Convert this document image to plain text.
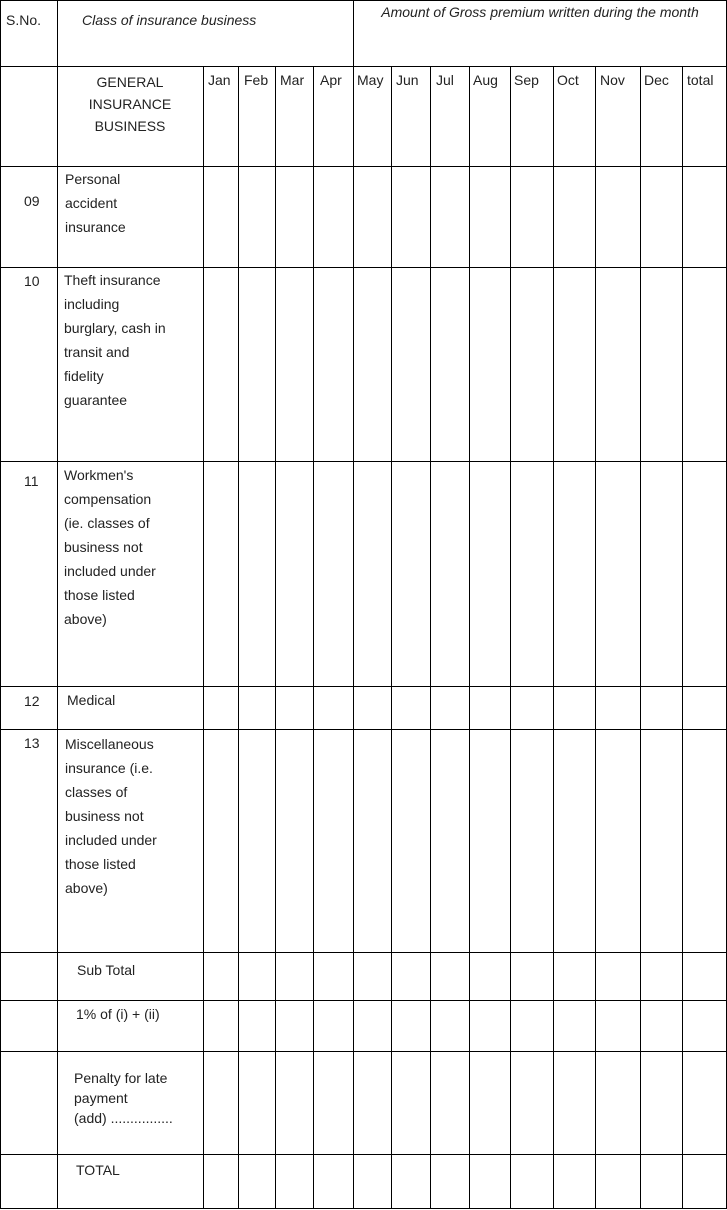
S.No.	Class of insurance business	Amount of Gross premium written during the month
GENERAL
INSURANCE
BUSINESS
Jan Feb Mar Apr May Jun Jul Aug Sep Oct Nov Dec total
09
10
11
12
13
Personal
accident
insurance
Theft insurance
including
burglary, cash in
transit and
fidelity
guarantee
Workmen's
compensation
(ie. classes of
business not
included under
those listed
above)
Medical
Miscellaneous
insurance (i.e.
classes of
business not
included under
those listed
above)
Sub Total
1% of (i) + (ii)
Penalty for late
payment
(add) ................
TOTAL
